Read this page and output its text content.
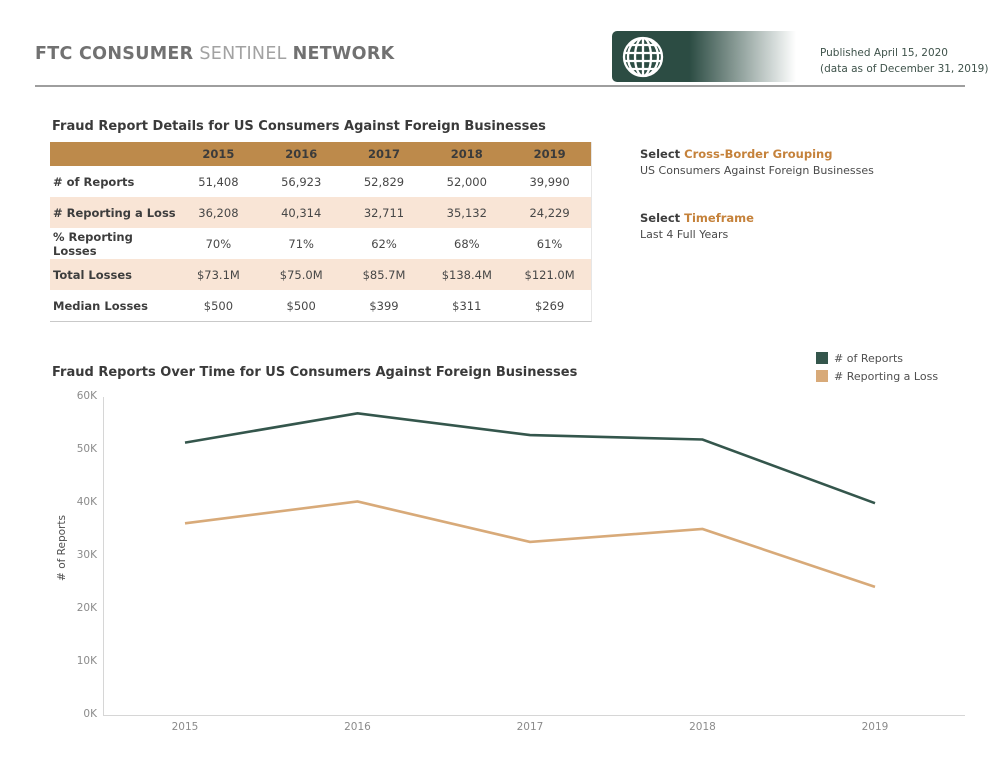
FTC CONSUMER SENTINEL NETWORK	Published April 15, 2020
(data as of December 31, 2019)
Fraud Report Details for US Consumers Against Foreign Businesses
2015	2016	2017	2018	2019
# of Reports	51,408	56,923	52,829	52,000	39,990
# Reporting a Loss	36,208	40,314	32,711	35,132	24,229
% Reporting Losses	70%	71%	62%	68%	61%
Total Losses	$73.1M	$75.0M	$85.7M	$138.4M	$121.0M
Median Losses	$500	$500	$399	$311	$269
Select Cross-Border Grouping
US Consumers Against Foreign Businesses
Select Timeframe
Last 4 Full Years
Fraud Reports Over Time for US Consumers Against Foreign Businesses
# of Reports
# Reporting a Loss
# of Reports
60K
50K
40K
30K
20K
10K
0K
2015	2016	2017	2018	2019
